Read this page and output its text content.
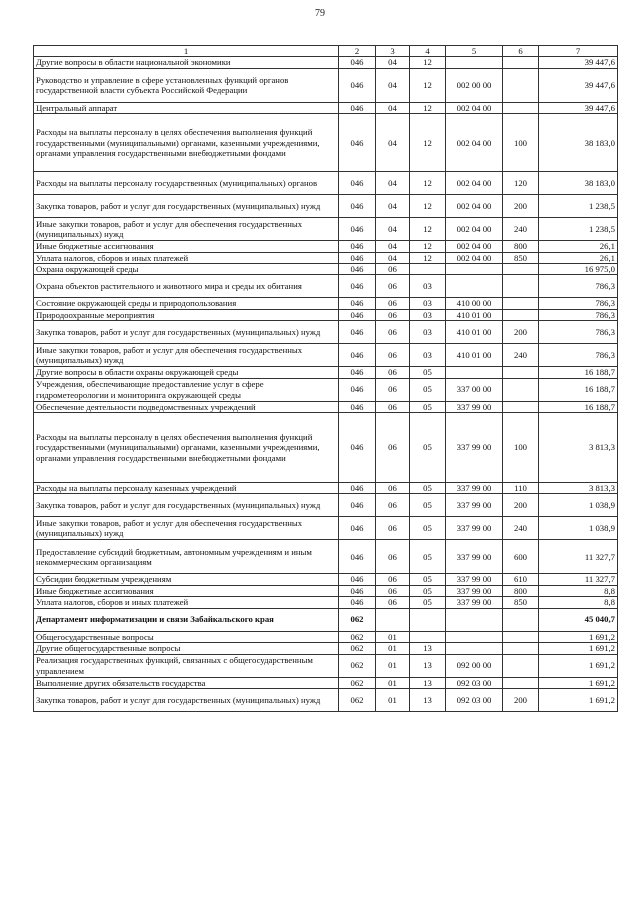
79
1	2	3	4	5	6	7
Другие вопросы в области национальной экономики	046	04	12			39 447,6
Руководство и управление в сфере установленных функций органов государственной власти субъекта Российской Федерации	046	04	12	002 00 00		39 447,6
Центральный аппарат	046	04	12	002 04 00		39 447,6
Расходы на выплаты персоналу в целях обеспечения выполнения функций государственными (муниципальными) органами, казенными учреждениями, органами управления государственными внебюджетными фондами	046	04	12	002 04 00	100	38 183,0
Расходы на выплаты персоналу государственных (муниципальных) органов	046	04	12	002 04 00	120	38 183,0
Закупка товаров, работ и услуг для государственных (муниципальных) нужд	046	04	12	002 04 00	200	1 238,5
Иные закупки товаров, работ и услуг для обеспечения государственных (муниципальных) нужд	046	04	12	002 04 00	240	1 238,5
Иные бюджетные ассигнования	046	04	12	002 04 00	800	26,1
Уплата налогов, сборов и иных платежей	046	04	12	002 04 00	850	26,1
Охрана окружающей среды	046	06				16 975,0
Охрана объектов растительного и животного мира и среды их обитания	046	06	03			786,3
Состояние окружающей среды и природопользования	046	06	03	410 00 00		786,3
Природоохранные мероприятия	046	06	03	410 01 00		786,3
Закупка товаров, работ и услуг для государственных (муниципальных) нужд	046	06	03	410 01 00	200	786,3
Иные закупки товаров, работ и услуг для обеспечения государственных (муниципальных) нужд	046	06	03	410 01 00	240	786,3
Другие вопросы в области охраны окружающей среды	046	06	05			16 188,7
Учреждения, обеспечивающие предоставление услуг в сфере гидрометеорологии и мониторинга окружающей среды	046	06	05	337 00 00		16 188,7
Обеспечение деятельности подведомственных учреждений	046	06	05	337 99 00		16 188,7
Расходы на выплаты персоналу в целях обеспечения выполнения функций государственными (муниципальными) органами, казенными учреждениями, органами управления государственными внебюджетными фондами	046	06	05	337 99 00	100	3 813,3
Расходы на выплаты персоналу казенных учреждений	046	06	05	337 99 00	110	3 813,3
Закупка товаров, работ и услуг для государственных (муниципальных) нужд	046	06	05	337 99 00	200	1 038,9
Иные закупки товаров, работ и услуг для обеспечения государственных (муниципальных) нужд	046	06	05	337 99 00	240	1 038,9
Предоставление субсидий бюджетным, автономным учреждениям и иным некоммерческим организациям	046	06	05	337 99 00	600	11 327,7
Субсидии бюджетным учреждениям	046	06	05	337 99 00	610	11 327,7
Иные бюджетные ассигнования	046	06	05	337 99 00	800	8,8
Уплата налогов, сборов и иных платежей	046	06	05	337 99 00	850	8,8
Департамент информатизации и связи Забайкальского края	062					45 040,7
Общегосударственные вопросы	062	01				1 691,2
Другие общегосударственные вопросы	062	01	13			1 691,2
Реализация государственных функций, связанных с общегосударственным управлением	062	01	13	092 00 00		1 691,2
Выполнение других обязательств государства	062	01	13	092 03 00		1 691,2
Закупка товаров, работ и услуг для государственных (муниципальных) нужд	062	01	13	092 03 00	200	1 691,2
